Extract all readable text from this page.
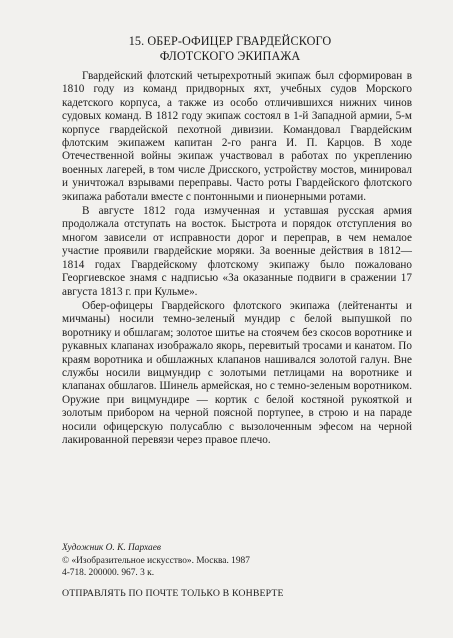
15. ОБЕР-ОФИЦЕР ГВАРДЕЙСКОГО
ФЛОТСКОГО ЭКИПАЖА

Гвардейский флотский четырехротный экипаж был сформирован в 1810 году из команд придворных яхт, учебных судов Морского кадетского корпуса, а также из особо отличившихся нижних чинов судовых команд. В 1812 году экипаж состоял в 1-й Западной армии, 5-м корпусе гвардейской пехотной дивизии. Командовал Гвардейским флотским экипажем капитан 2-го ранга И. П. Карцов. В ходе Отечественной войны экипаж участвовал в работах по укреплению военных лагерей, в том числе Дрисского, устройству мостов, минировал и уничтожал взрывами переправы. Часто роты Гвардейского флотского экипажа работали вместе с понтонными и пионерными ротами.

В августе 1812 года измученная и уставшая русская армия продолжала отступать на восток. Быстрота и порядок отступления во многом зависели от исправности дорог и переправ, в чем немалое участие проявили гвардейские моряки. За военные действия в 1812—1814 годах Гвардейскому флотскому экипажу было пожаловано Георгиевское знамя с надписью «За оказанные подвиги в сражении 17 августа 1813 г. при Кульме».

Обер-офицеры Гвардейского флотского экипажа (лейтенанты и мичманы) носили темно-зеленый мундир с белой выпушкой по воротнику и обшлагам; золотое шитье на стоячем без скосов воротнике и рукавных клапанах изображало якорь, перевитый тросами и канатом. По краям воротника и обшлажных клапанов нашивался золотой галун. Вне службы носили вицмундир с золотыми петлицами на воротнике и клапанах обшлагов. Шинель армейская, но с темно-зеленым воротником. Оружие при вицмундире — кортик с белой костяной рукояткой и золотым прибором на черной поясной портупее, в строю и на параде носили офицерскую полусаблю с вызолоченным эфесом на черной лакированной перевязи через правое плечо.

Художник О. К. Пархаев
© «Изобразительное искусство». Москва. 1987
4-718. 200000. 967. 3 к.
ОТПРАВЛЯТЬ ПО ПОЧТЕ ТОЛЬКО В КОНВЕРТЕ
